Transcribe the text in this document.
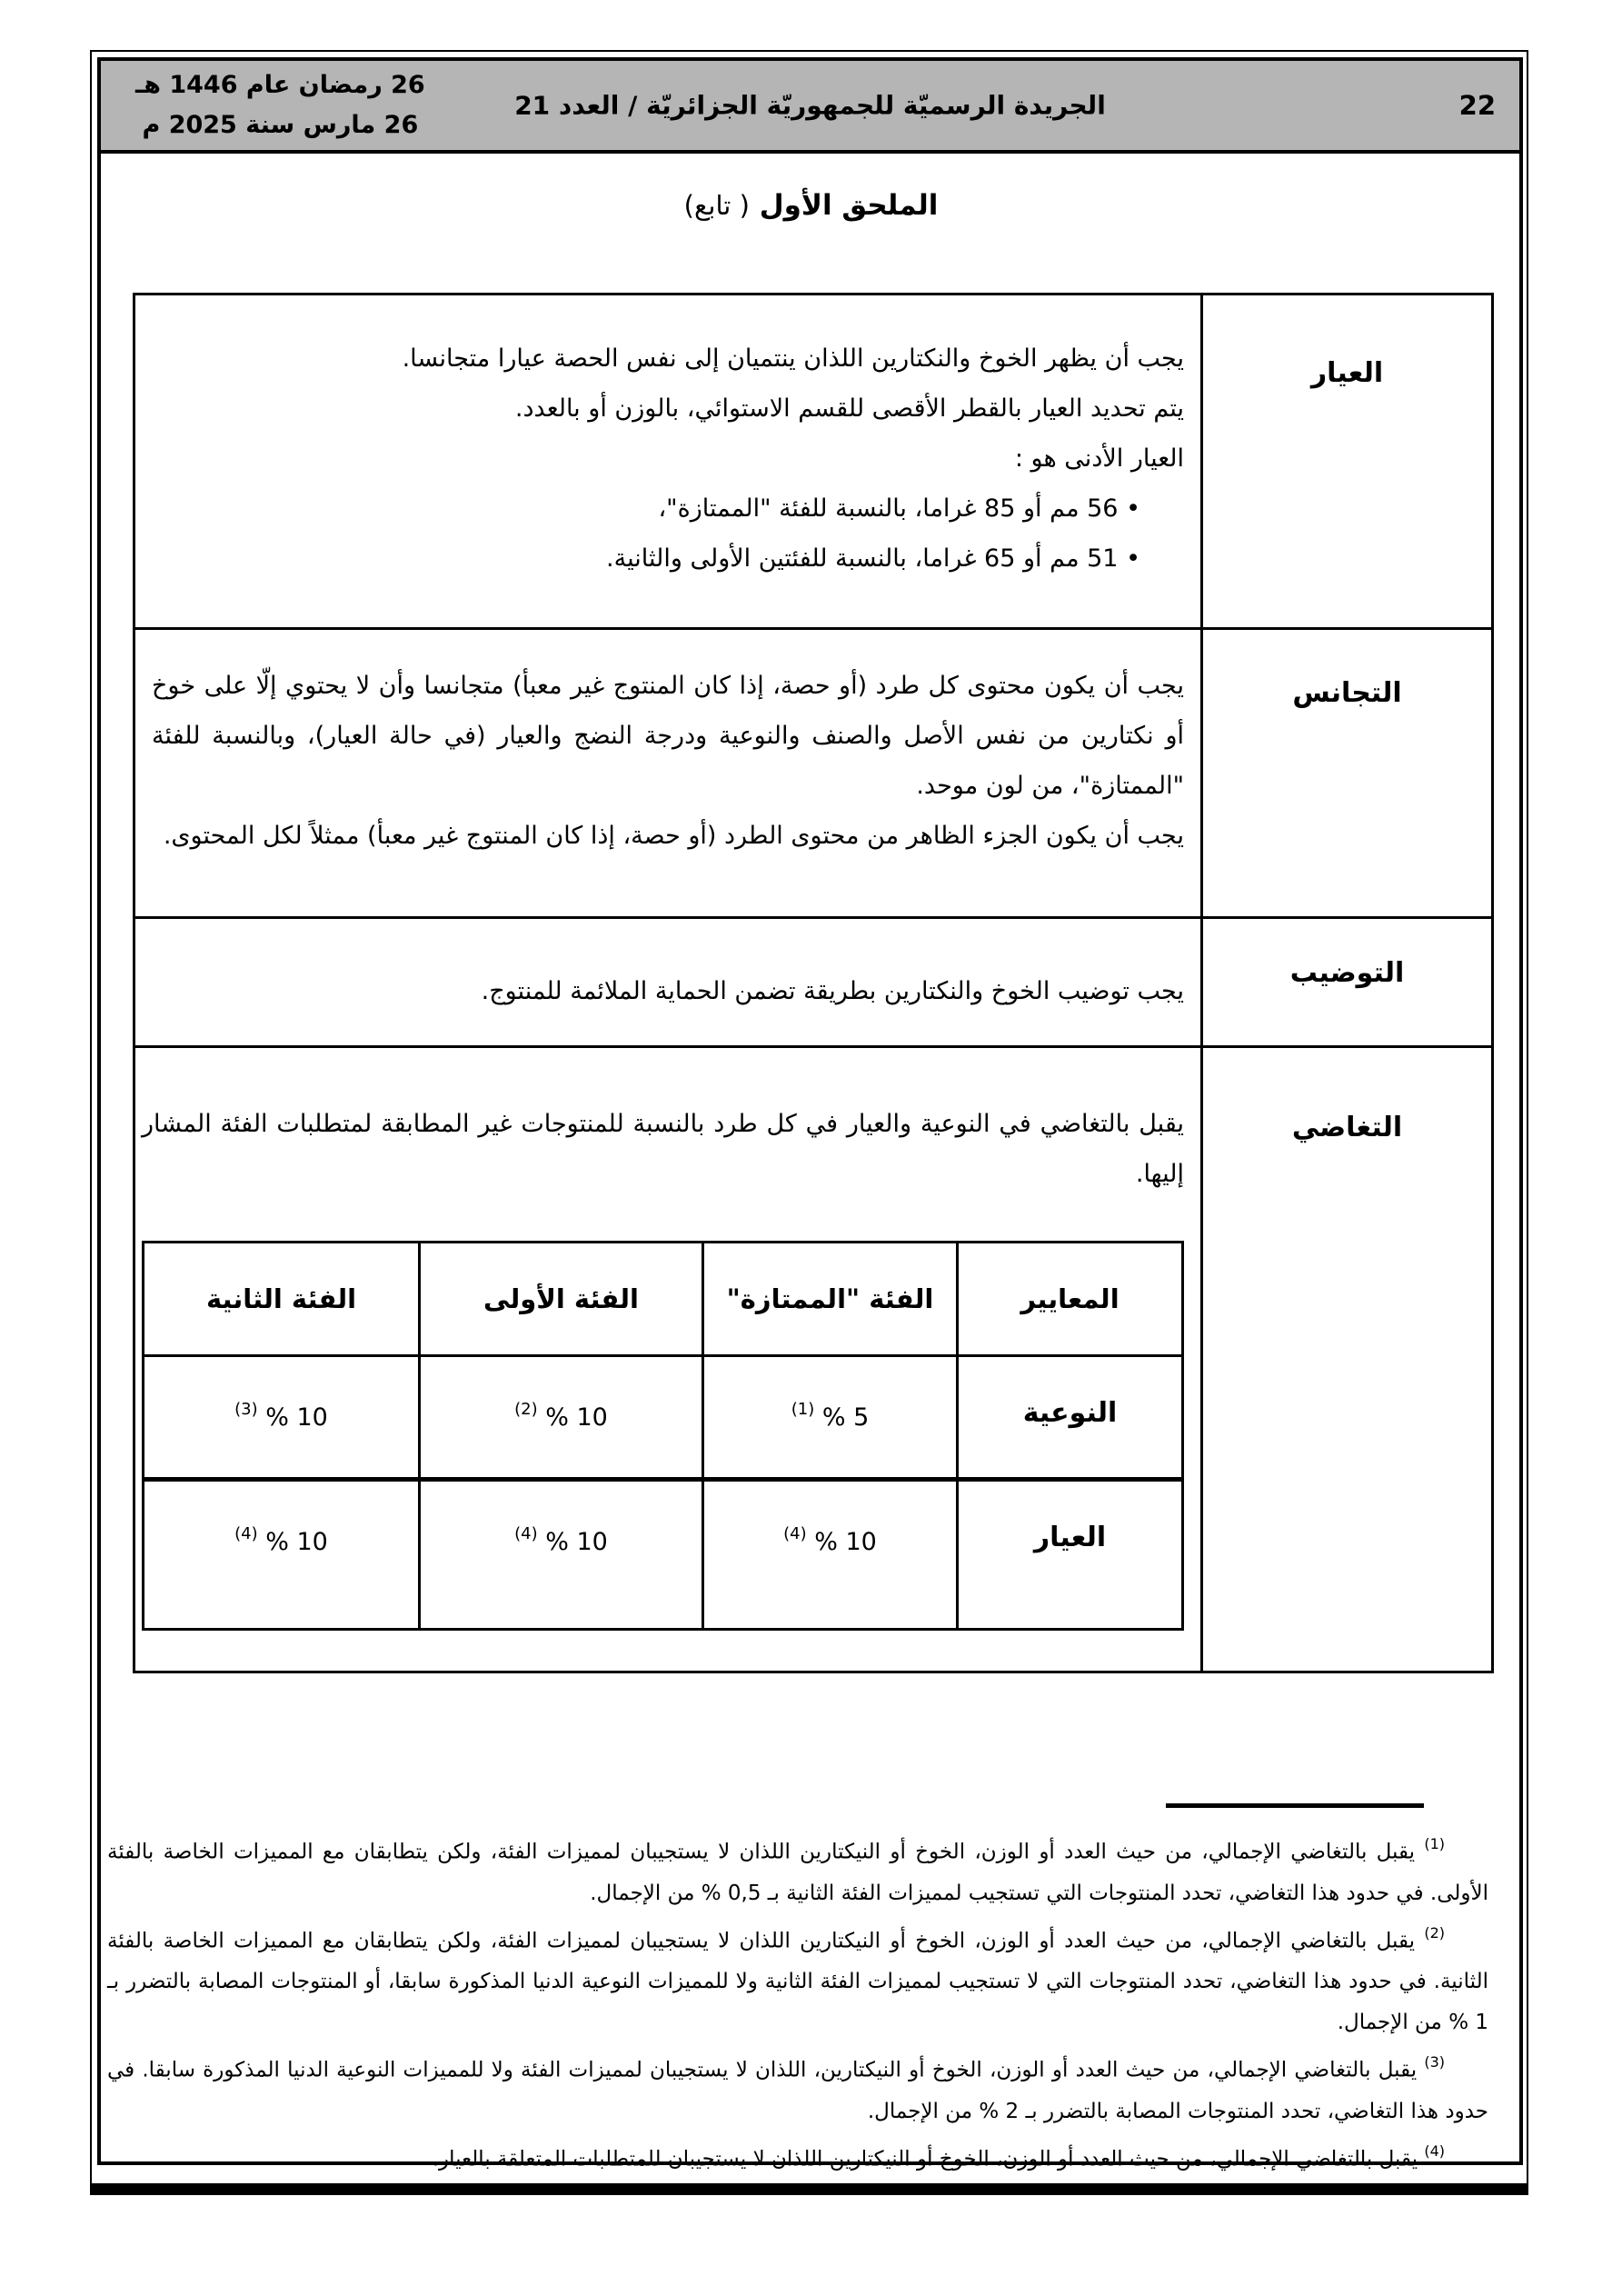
26 رمضان عام 1446 هـ
26 مارس سنة 2025 م
الجريدة الرسميّة للجمهوريّة الجزائريّة / العدد 21	22
الملحق الأول ( تابع)
العيار

يجب أن يظهر الخوخ والنكتارين اللذان ينتميان إلى نفس الحصة عيارا متجانسا.

يتم تحديد العيار بالقطر الأقصى للقسم الاستوائي، بالوزن أو بالعدد.

العيار الأدنى هو :

• 56 مم أو 85 غراما، بالنسبة للفئة "الممتازة"،

• 51 مم أو 65 غراما، بالنسبة للفئتين الأولى والثانية.

التجانس

يجب أن يكون محتوى كل طرد (أو حصة، إذا كان المنتوج غير معبأ) متجانسا وأن لا يحتوي إلّا على خوخ أو نكتارين من نفس الأصل والصنف والنوعية ودرجة النضج والعيار (في حالة العيار)، وبالنسبة للفئة "الممتازة"، من لون موحد.

يجب أن يكون الجزء الظاهر من محتوى الطرد (أو حصة، إذا كان المنتوج غير معبأ) ممثلاً لكل المحتوى.

التوضيب

يجب توضيب الخوخ والنكتارين بطريقة تضمن الحماية الملائمة للمنتوج.

التغاضي

يقبل بالتغاضي في النوعية والعيار في كل طرد بالنسبة للمنتوجات غير المطابقة لمتطلبات الفئة المشار إليها.

المعايير
الفئة "الممتازة"
الفئة الأولى
الفئة الثانية
النوعية
5 % $^{(1)}$
10 % $^{(2)}$
10 % $^{(3)}$
العيار
10 % $^{(4)}$
10 % $^{(4)}$
10 % $^{(4)}$

$^{(1)}$ يقبل بالتغاضي الإجمالي، من حيث العدد أو الوزن، الخوخ أو النيكتارين اللذان لا يستجيبان لمميزات الفئة، ولكن يتطابقان مع المميزات الخاصة بالفئة الأولى. في حدود هذا التغاضي، تحدد المنتوجات التي تستجيب لمميزات الفئة الثانية بـ 0,5 % من الإجمال.

$^{(2)}$ يقبل بالتغاضي الإجمالي، من حيث العدد أو الوزن، الخوخ أو النيكتارين اللذان لا يستجيبان لمميزات الفئة، ولكن يتطابقان مع المميزات الخاصة بالفئة الثانية. في حدود هذا التغاضي، تحدد المنتوجات التي لا تستجيب لمميزات الفئة الثانية ولا للمميزات النوعية الدنيا المذكورة سابقا، أو المنتوجات المصابة بالتضرر بـ 1 % من الإجمال.

$^{(3)}$ يقبل بالتغاضي الإجمالي، من حيث العدد أو الوزن، الخوخ أو النيكتارين، اللذان لا يستجيبان لمميزات الفئة ولا للمميزات النوعية الدنيا المذكورة سابقا. في حدود هذا التغاضي، تحدد المنتوجات المصابة بالتضرر بـ 2 % من الإجمال.

$^{(4)}$ يقبل بالتغاضي الإجمالي، من حيث العدد أو الوزن، الخوخ أو النيكتارين اللذان لا يستجيبان للمتطلبات المتعلقة بالعيار.
